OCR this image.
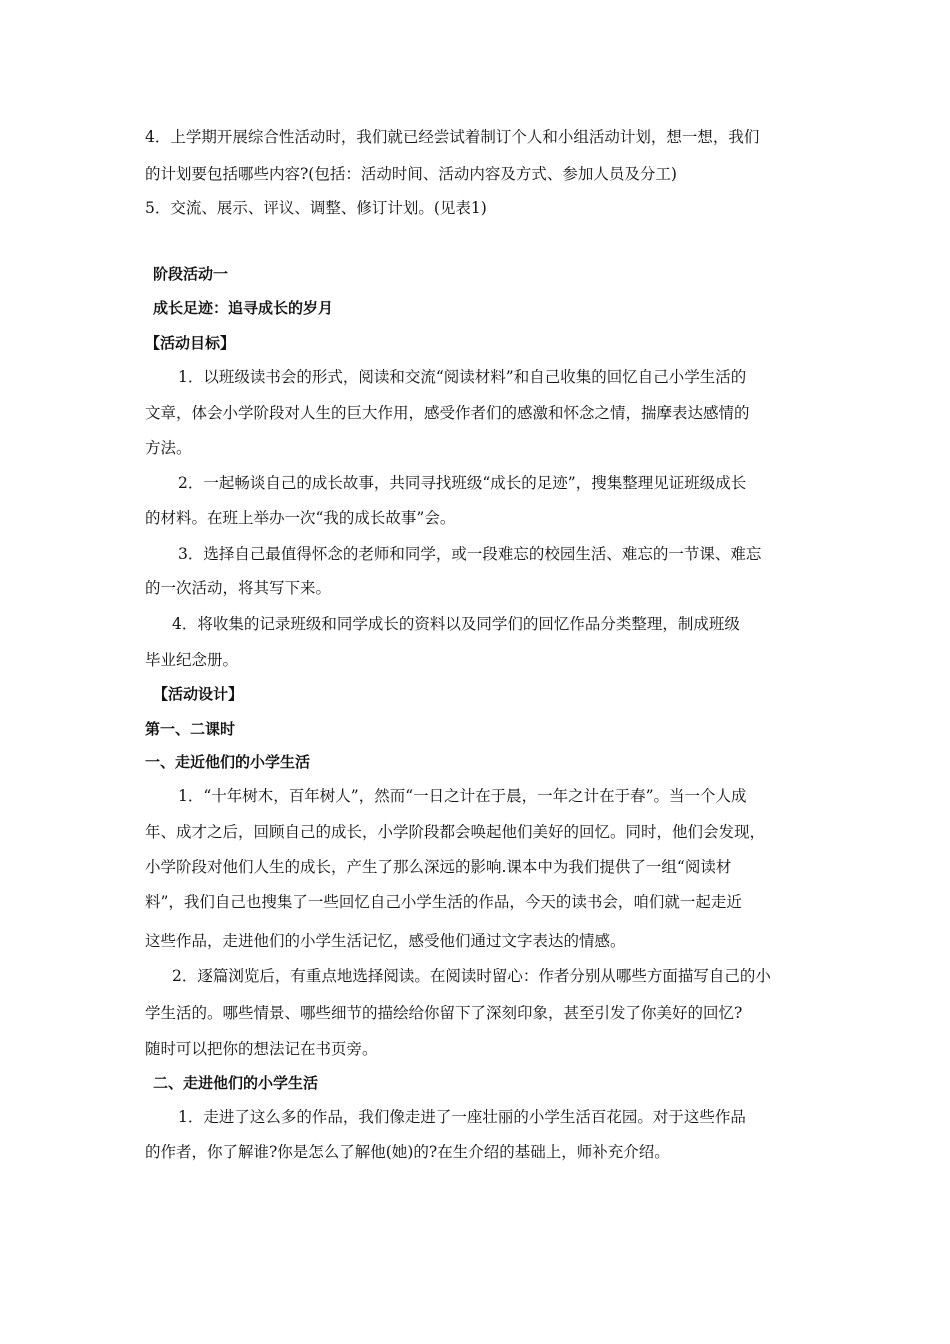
4．上学期开展综合性活动时，我们就已经尝试着制订个人和小组活动计划，想一想，我们
的计划要包括哪些内容?(包括：活动时间、活动内容及方式、参加人员及分工)
5．交流、展示、评议、调整、修订计划。(见表1)
阶段活动一
成长足迹：追寻成长的岁月
【活动目标】
1．以班级读书会的形式，阅读和交流“阅读材料”和自己收集的回忆自己小学生活的
文章，体会小学阶段对人生的巨大作用，感受作者们的感激和怀念之情，揣摩表达感情的
方法。
2．一起畅谈自己的成长故事，共同寻找班级“成长的足迹”，搜集整理见证班级成长
的材料。在班上举办一次“我的成长故事”会。
3．选择自己最值得怀念的老师和同学，或一段难忘的校园生活、难忘的一节课、难忘
的一次活动，将其写下来。
4．将收集的记录班级和同学成长的资料以及同学们的回忆作品分类整理，制成班级
毕业纪念册。
【活动设计】
第一、二课时
一、走近他们的小学生活
1．“十年树木，百年树人”，然而“一日之计在于晨，一年之计在于春”。当一个人成
年、成才之后，回顾自己的成长，小学阶段都会唤起他们美好的回忆。同时，他们会发现，
小学阶段对他们人生的成长，产生了那么深远的影响.课本中为我们提供了一组“阅读材
料”，我们自己也搜集了一些回忆自己小学生活的作品，今天的读书会，咱们就一起走近
这些作品，走进他们的小学生活记忆，感受他们通过文字表达的情感。
2．逐篇浏览后，有重点地选择阅读。在阅读时留心：作者分别从哪些方面描写自己的小
学生活的。哪些情景、哪些细节的描绘给你留下了深刻印象，甚至引发了你美好的回忆?
随时可以把你的想法记在书页旁。
二、走进他们的小学生活
1．走进了这么多的作品，我们像走进了一座壮丽的小学生活百花园。对于这些作品
的作者，你了解谁?你是怎么了解他(她)的?在生介绍的基础上，师补充介绍。
